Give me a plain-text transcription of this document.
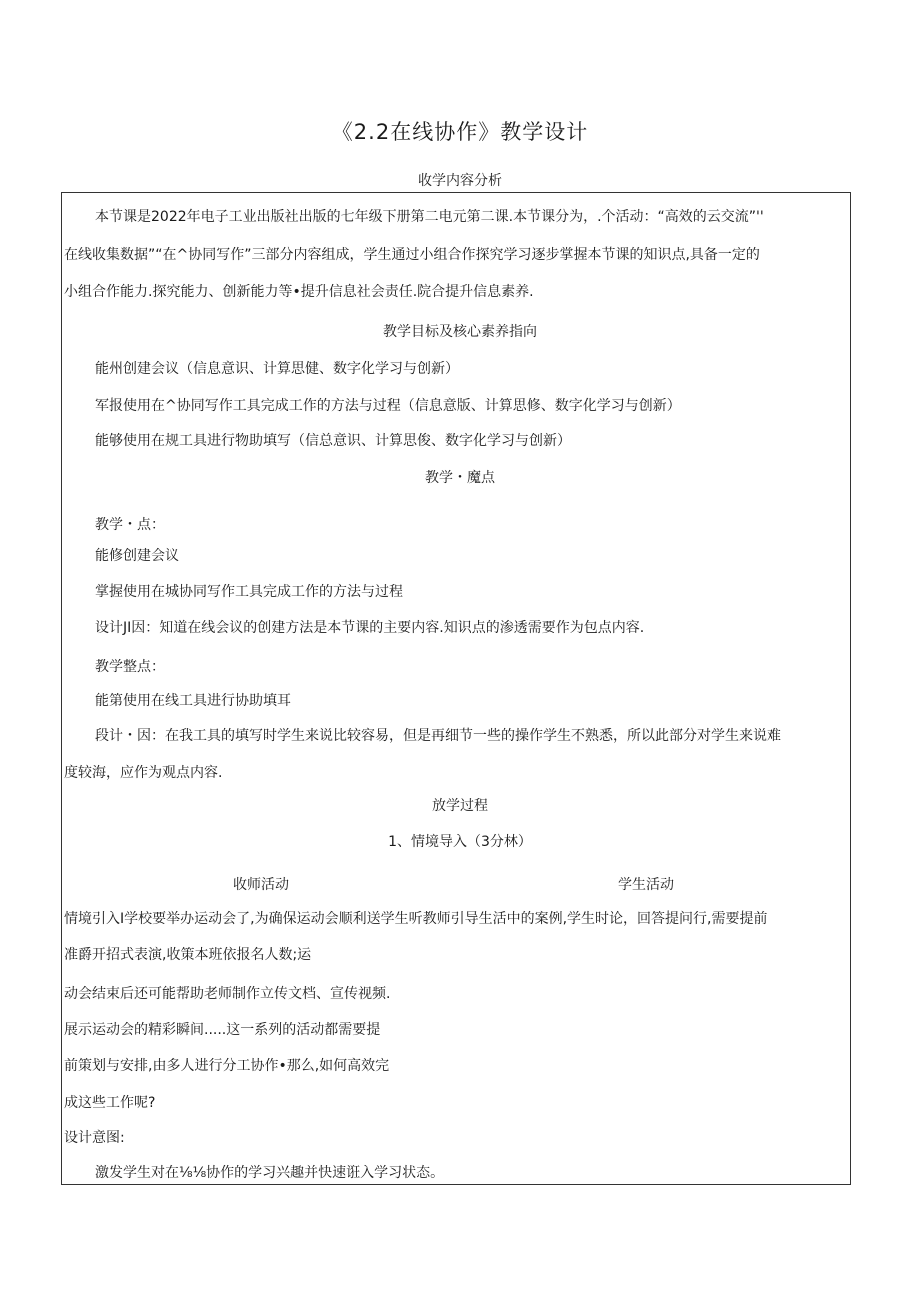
《2.2在线协作》教学设计

收学内容分析

本节课是2022年电子工业出版社出版的七年级下册第二电元第二课.本节课分为，.个活动：“高效的云交流”''

在线收集数据”“在^协同写作”三部分内容组成，学生通过小组合作探究学习逐步掌握本节课的知识点,具备一定的

小组合作能力.探究能力、创新能力等•提升信息社会责任.院合提升信息素养.

教学目标及核心素养指向

能州创建会议（信息意识、计算思健、数字化学习与创新）

军报使用在^协同写作工具完成工作的方法与过程（信息意版、计算思修、数字化学习与创新）

能够使用在规工具进行物助填写（信总意识、计算思俊、数字化学习与创新）

教学・魔点

教学・点：

能修创建会议

掌握使用在城协同写作工具完成工作的方法与过程

设计JI因：知道在线会议的创建方法是本节课的主要内容.知识点的渗透需要作为包点内容.

教学整点：

能第使用在线工具进行协助填耳

段计・因：在我工具的填写时学生来说比较容易，但是再细节一些的操作学生不熟悉，所以此部分对学生来说难

度较海，应作为观点内容.

放学过程

1、情境导入（3分林）

收师活动	学生活动

情境引入I学校要举办运动会了,为确保运动会顺利送学生听教师引导生活中的案例,学生时论，回答提问行,需要提前

准爵开招式表演,收策本班依报名人数;运

动会结束后还可能帮助老师制作立传文档、宣传视频.

展示运动会的精彩瞬间.....这一系列的活动都需要提

前策划与安排,由多人进行分工协作•那么,如何高效完

成这些工作呢?

设计意图:

激发学生对在⅛⅛协作的学习兴趣并快速诳入学习状态。
